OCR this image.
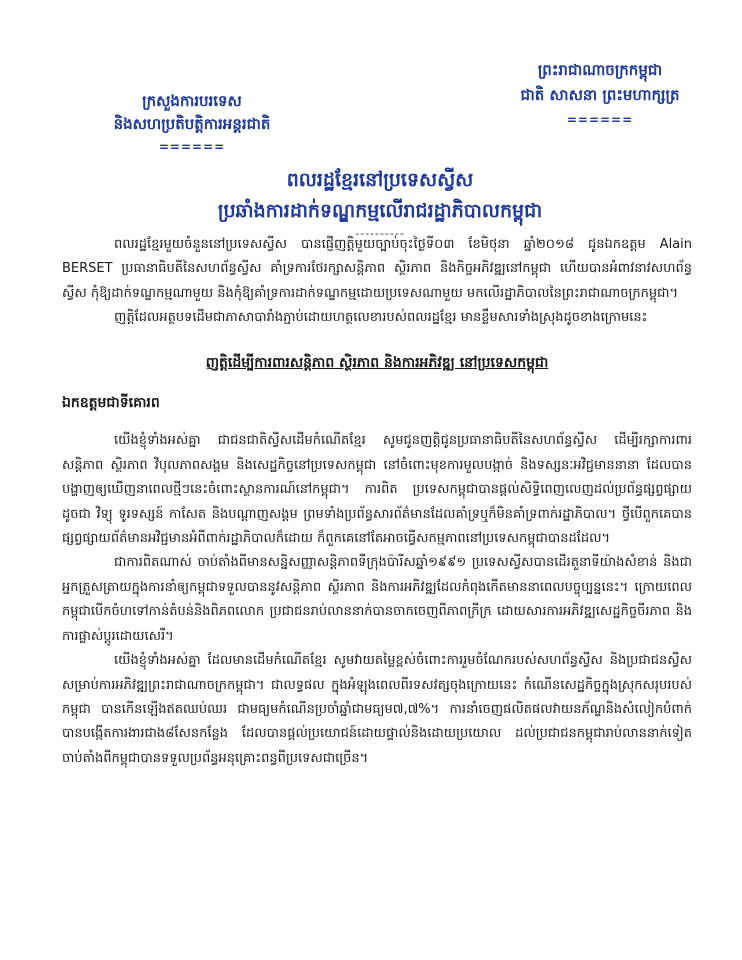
ព្រះរាជាណាចក្រកម្ពុជា
ជាតិ សាសនា ព្រះមហាក្សត្រ
======
ក្រសួងការបរទេស
និងសហប្រតិបត្តិការអន្តរជាតិ
======
ពលរដ្ឋខ្មែរនៅប្រទេសស្វីស
ប្រឆាំងការដាក់ទណ្ឌកម្មលើរាជរដ្ឋាភិបាលកម្ពុជា
----------

ពលរដ្ឋខ្មែរមួយចំនួននៅប្រទេសស្វីស បានផ្ញើញត្តិមួយច្បាប់ចុះថ្ងៃទី០៣ ខែមិថុនា ឆ្នាំ២០១៨ ជូនឯកឧត្តម Alain BERSET ប្រធានាធិបតីនៃសហព័ន្ធស្វីស គាំទ្រការថែរក្សាសន្តិភាព ស្ថិរភាព និងកិច្ចអភិវឌ្ឍនៅកម្ពុជា ហើយបានអំពាវនាវសហព័ន្ធស្វីស កុំឱ្យដាក់ទណ្ឌកម្មណាមួយ និងកុំឱ្យគាំទ្រការដាក់ទណ្ឌកម្មដោយប្រទេសណាមួយ មកលើរដ្ឋាភិបាលនៃព្រះរាជាណាចក្រកម្ពុជា។

ញត្តិដែលអត្ថបទដើមជាភាសាបារាំងភ្ជាប់ដោយហត្ថលេខារបស់ពលរដ្ឋខ្មែរ មានខ្លឹមសារទាំងស្រុងដូចខាងក្រោមនេះ

ញត្តិដើម្បីការពារសន្តិភាព ស្ថិរភាព និងការអភិវឌ្ឍ នៅប្រទេសកម្ពុជា
ឯកឧត្តមជាទីគោរព

យើងខ្ញុំទាំងអស់គ្នា ជាជនជាតិស្វីសដើមកំណើតខ្មែរ សូមជូនញត្តិជូនប្រធានាធិបតីនៃសហព័ន្ធស្វីស ដើម្បីរក្សាការពារសន្តិភាព ស្ថិរភាព វិបុលភាពសង្គម និងសេដ្ឋកិច្ចនៅប្រទេសកម្ពុជា នៅចំពោះមុខការមួលបង្កាច់ និងទស្សនៈអវិជ្ជមាននានា ដែលបានបង្ហាញឲ្យឃើញនាពេលថ្មីៗនេះចំពោះស្ថានការណ៍នៅកម្ពុជា។ ការពិត ប្រទេសកម្ពុជាបានផ្តល់សិទ្ធិពេញលេញដល់ប្រព័ន្ធផ្សព្វផ្សាយដូចជា វិទ្យុ ទូរទស្សន៍ កាសែត និងបណ្តាញសង្គម ព្រមទាំងប្រព័ន្ធសារព័ត៌មានដែលគាំទ្រឬក៏មិនគាំទ្រពាក់រដ្ឋាភិបាល។ ថ្វីបើពួកគេបានផ្សព្វផ្សាយព័ត៌មានអវិជ្ជមានអំពីពាក់រដ្ឋាភិបាលក៏ដោយ ក៏ពួកគេនៅតែអាចធ្វើសកម្មភាពនៅប្រទេសកម្ពុជាបានដដែល។

ជាការពិតណាស់ ចាប់តាំងពីមានសន្និសញ្ញាសន្តិភាពទីក្រុងប៉ារីសឆ្នាំ១៩៩១ ប្រទេសស្វីសបានដើរតួនាទីយ៉ាងសំខាន់ និងជាអ្នកត្រួសត្រាយក្នុងការនាំឲ្យកម្ពុជាទទួលបាននូវសន្តិភាព ស្ថិរភាព និងការអភិវឌ្ឍដែលកំពុងកើតមាននាពេលបច្ចុប្បន្ននេះ។ ក្រោយពេលកម្ពុជាបើកចំហទៅកាន់តំបន់និងពិភពលោក ប្រជាជនរាប់លាននាក់បានចាកចេញពីភាពក្រីក្រ ដោយសារការអភិវឌ្ឍសេដ្ឋកិច្ចចីរភាព និងការផ្លាស់ប្តូរដោយសេរី។

យើងខ្ញុំទាំងអស់គ្នា ដែលមានដើមកំណើតខ្មែរ សូមវាយតម្លៃខ្ពស់ចំពោះការរួមចំណែករបស់សហព័ន្ធស្វីស និងប្រជាជនស្វីសសម្រាប់ការអភិវឌ្ឍព្រះរាជាណាចក្រកម្ពុជា។ ជាលទ្ធផល ក្នុងអំឡុងពេលពីរទសវត្សចុងក្រោយនេះ កំណើនសេដ្ឋកិច្ចក្នុងស្រុកសរុបរបស់កម្ពុជា បានកើនឡើងឥតឈប់ឈរ ជាមធ្យមកំណើនប្រចាំឆ្នាំជាមធ្យម៧,៧%។ ការនាំចេញផលិតផលវាយនភ័ណ្ឌនិងសំលៀកបំពាក់ បានបង្កើតការងារជាង៨សែនកន្លែង ដែលបានផ្តល់ប្រយោជន៍ដោយផ្ទាល់និងដោយប្រយោល ដល់ប្រជាជនកម្ពុជារាប់លាននាក់ទៀត ចាប់តាំងពីកម្ពុជាបានទទួលប្រព័ន្ធអនុគ្រោះពន្ធពីប្រទេសជាច្រើន។
